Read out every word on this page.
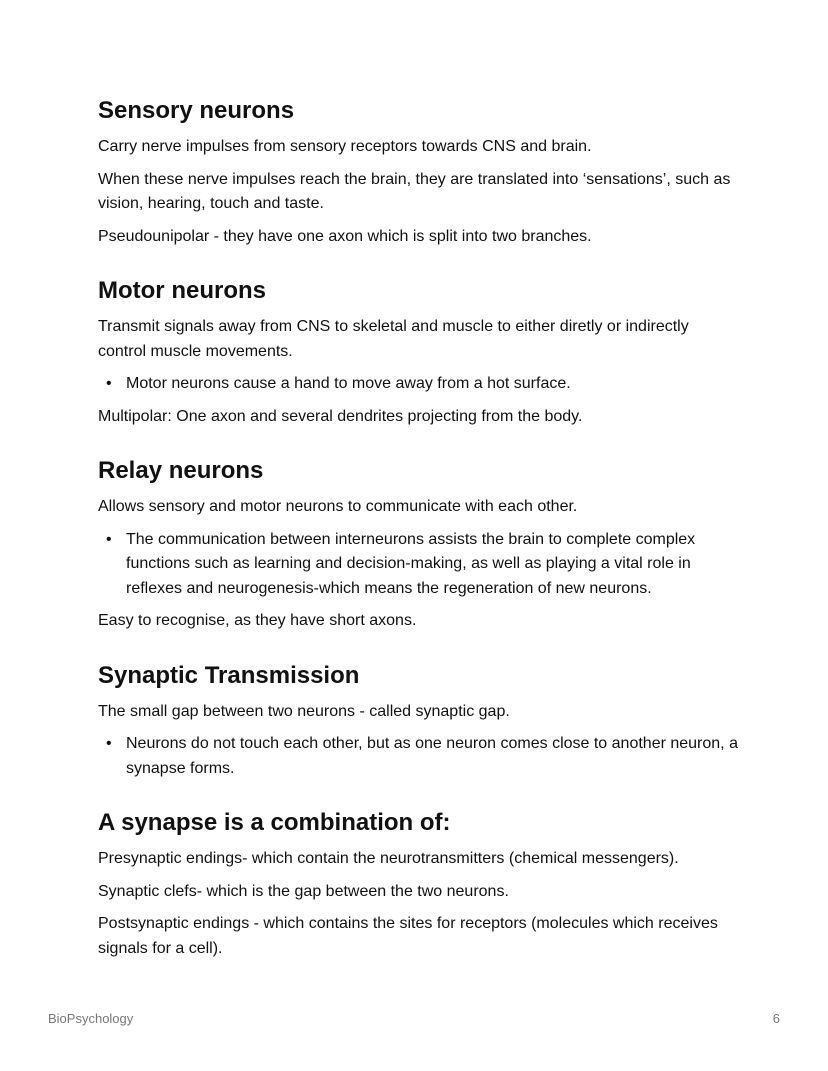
Sensory neurons

Carry nerve impulses from sensory receptors towards CNS and brain.

When these nerve impulses reach the brain, they are translated into ‘sensations’, such as vision, hearing, touch and taste.

Pseudounipolar - they have one axon which is split into two branches.

Motor neurons

Transmit signals away from CNS to skeletal and muscle to either diretly or indirectly control muscle movements.

• Motor neurons cause a hand to move away from a hot surface.

Multipolar: One axon and several dendrites projecting from the body.

Relay neurons

Allows sensory and motor neurons to communicate with each other.

• The communication between interneurons assists the brain to complete complex functions such as learning and decision-making, as well as playing a vital role in reflexes and neurogenesis-which means the regeneration of new neurons.

Easy to recognise, as they have short axons.

Synaptic Transmission

The small gap between two neurons - called synaptic gap.

• Neurons do not touch each other, but as one neuron comes close to another neuron, a synapse forms.
A synapse is a combination of:

Presynaptic endings- which contain the neurotransmitters (chemical messengers).

Synaptic clefs- which is the gap between the two neurons.

Postsynaptic endings - which contains the sites for receptors (molecules which receives signals for a cell).

BioPsychology	6
